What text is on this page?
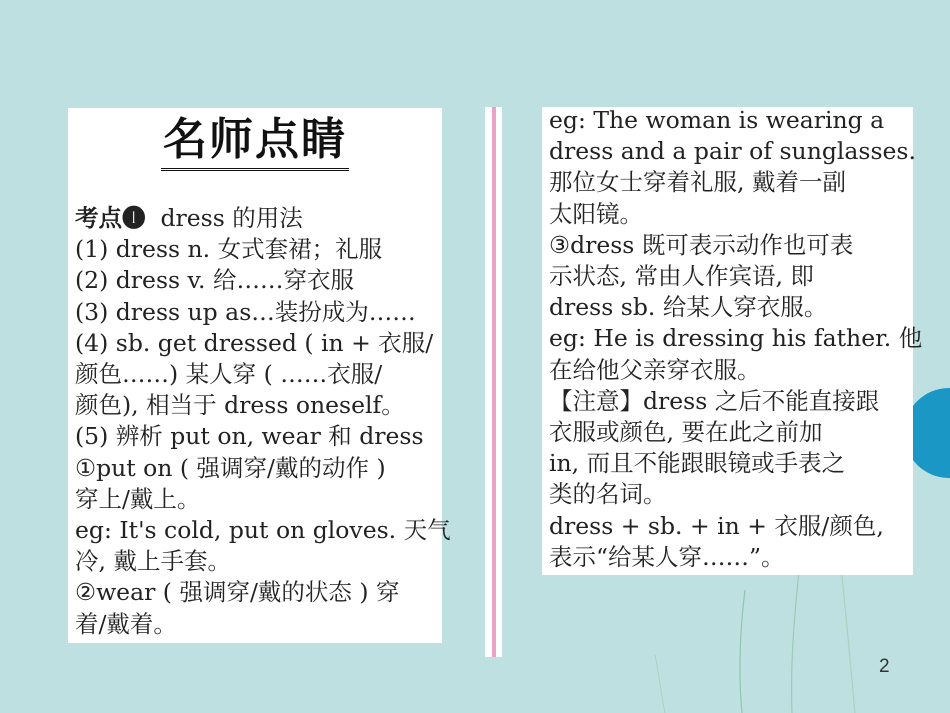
名师点睛
考点❶ dress 的用法
(1) dress n. 女式套裙；礼服
(2) dress v. 给……穿衣服
(3) dress up as…装扮成为……
(4) sb. get dressed ( in + 衣服/
颜色……) 某人穿 ( ……衣服/
颜色), 相当于 dress oneself。
(5) 辨析 put on, wear 和 dress
①put on ( 强调穿/戴的动作 )
穿上/戴上。
eg: It's cold, put on gloves. 天气
冷, 戴上手套。
②wear ( 强调穿/戴的状态 ) 穿
着/戴着。
eg: The woman is wearing a
dress and a pair of sunglasses.
那位女士穿着礼服, 戴着一副
太阳镜。
③dress 既可表示动作也可表
示状态, 常由人作宾语, 即
dress sb. 给某人穿衣服。
eg: He is dressing his father. 他
在给他父亲穿衣服。
【注意】dress 之后不能直接跟
衣服或颜色, 要在此之前加
in, 而且不能跟眼镜或手表之
类的名词。
dress + sb. + in + 衣服/颜色,
表示“给某人穿……”。
2
